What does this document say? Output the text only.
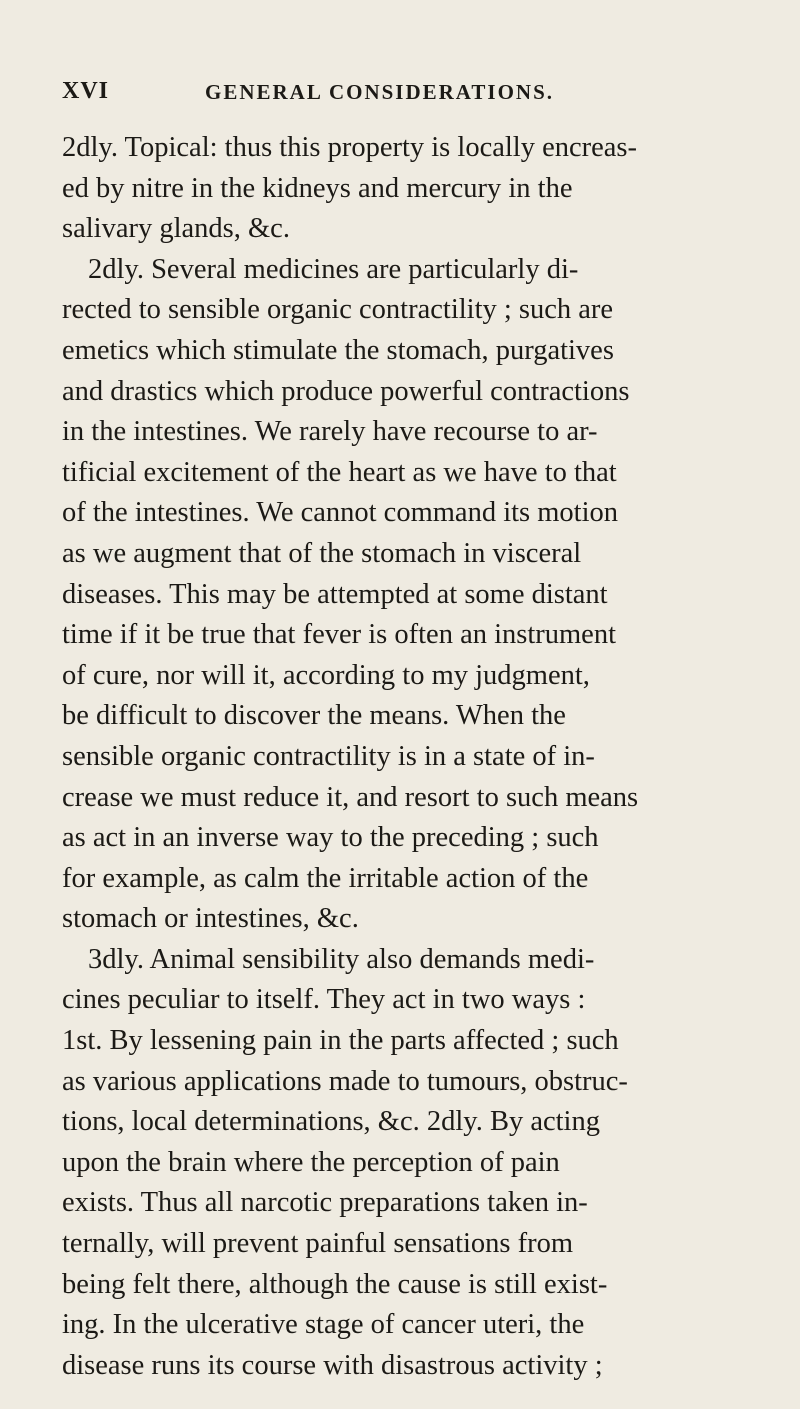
XVI	GENERAL CONSIDERATIONS.
2dly. Topical: thus this property is locally encreas-
ed by nitre in the kidneys and mercury in the
salivary glands, &c.
2dly. Several medicines are particularly di-
rected to sensible organic contractility ; such are
emetics which stimulate the stomach, purgatives
and drastics which produce powerful contractions
in the intestines. We rarely have recourse to ar-
tificial excitement of the heart as we have to that
of the intestines. We cannot command its motion
as we augment that of the stomach in visceral
diseases. This may be attempted at some distant
time if it be true that fever is often an instrument
of cure, nor will it, according to my judgment,
be difficult to discover the means. When the
sensible organic contractility is in a state of in-
crease we must reduce it, and resort to such means
as act in an inverse way to the preceding ; such
for example, as calm the irritable action of the
stomach or intestines, &c.
3dly. Animal sensibility also demands medi-
cines peculiar to itself. They act in two ways :
1st. By lessening pain in the parts affected ; such
as various applications made to tumours, obstruc-
tions, local determinations, &c. 2dly. By acting
upon the brain where the perception of pain
exists. Thus all narcotic preparations taken in-
ternally, will prevent painful sensations from
being felt there, although the cause is still exist-
ing. In the ulcerative stage of cancer uteri, the
disease runs its course with disastrous activity ;
